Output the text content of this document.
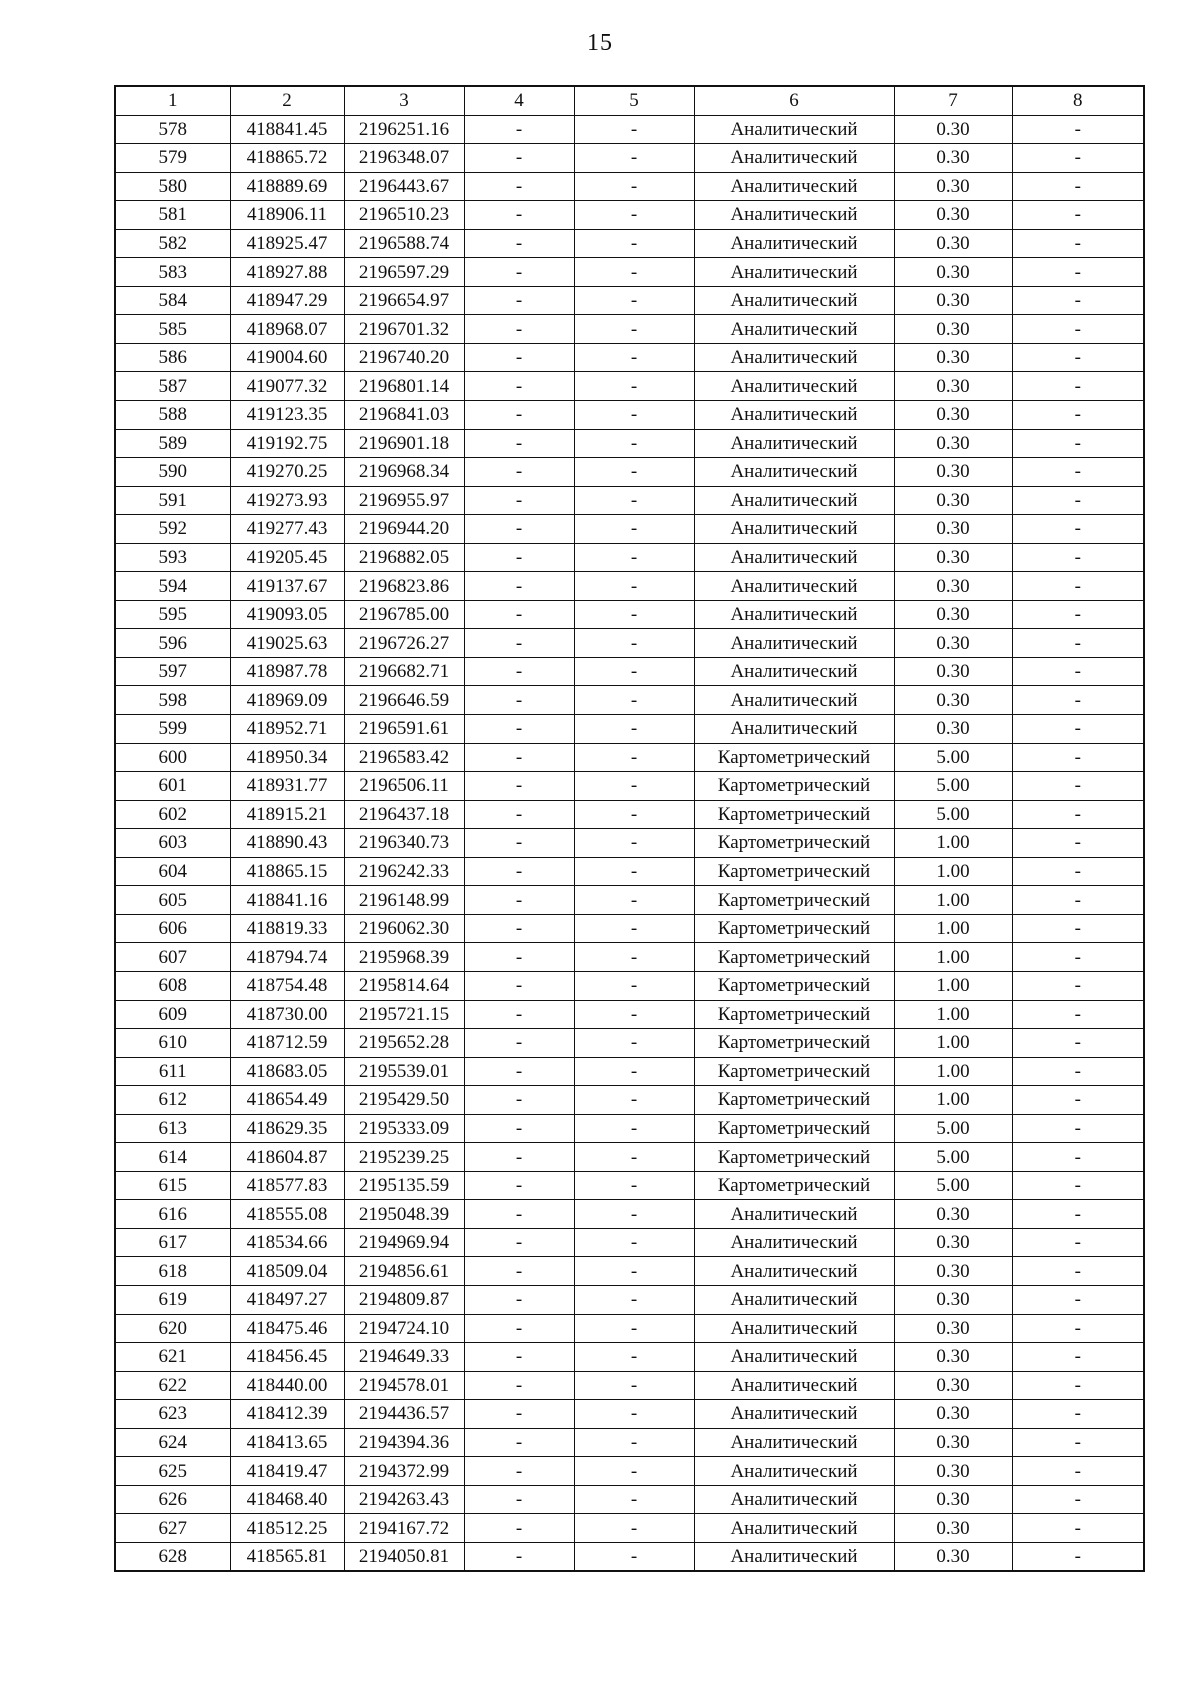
15
1	2	3	4	5	6	7	8
578	418841.45	2196251.16	-	-	Аналитический	0.30	-
579	418865.72	2196348.07	-	-	Аналитический	0.30	-
580	418889.69	2196443.67	-	-	Аналитический	0.30	-
581	418906.11	2196510.23	-	-	Аналитический	0.30	-
582	418925.47	2196588.74	-	-	Аналитический	0.30	-
583	418927.88	2196597.29	-	-	Аналитический	0.30	-
584	418947.29	2196654.97	-	-	Аналитический	0.30	-
585	418968.07	2196701.32	-	-	Аналитический	0.30	-
586	419004.60	2196740.20	-	-	Аналитический	0.30	-
587	419077.32	2196801.14	-	-	Аналитический	0.30	-
588	419123.35	2196841.03	-	-	Аналитический	0.30	-
589	419192.75	2196901.18	-	-	Аналитический	0.30	-
590	419270.25	2196968.34	-	-	Аналитический	0.30	-
591	419273.93	2196955.97	-	-	Аналитический	0.30	-
592	419277.43	2196944.20	-	-	Аналитический	0.30	-
593	419205.45	2196882.05	-	-	Аналитический	0.30	-
594	419137.67	2196823.86	-	-	Аналитический	0.30	-
595	419093.05	2196785.00	-	-	Аналитический	0.30	-
596	419025.63	2196726.27	-	-	Аналитический	0.30	-
597	418987.78	2196682.71	-	-	Аналитический	0.30	-
598	418969.09	2196646.59	-	-	Аналитический	0.30	-
599	418952.71	2196591.61	-	-	Аналитический	0.30	-
600	418950.34	2196583.42	-	-	Картометрический	5.00	-
601	418931.77	2196506.11	-	-	Картометрический	5.00	-
602	418915.21	2196437.18	-	-	Картометрический	5.00	-
603	418890.43	2196340.73	-	-	Картометрический	1.00	-
604	418865.15	2196242.33	-	-	Картометрический	1.00	-
605	418841.16	2196148.99	-	-	Картометрический	1.00	-
606	418819.33	2196062.30	-	-	Картометрический	1.00	-
607	418794.74	2195968.39	-	-	Картометрический	1.00	-
608	418754.48	2195814.64	-	-	Картометрический	1.00	-
609	418730.00	2195721.15	-	-	Картометрический	1.00	-
610	418712.59	2195652.28	-	-	Картометрический	1.00	-
611	418683.05	2195539.01	-	-	Картометрический	1.00	-
612	418654.49	2195429.50	-	-	Картометрический	1.00	-
613	418629.35	2195333.09	-	-	Картометрический	5.00	-
614	418604.87	2195239.25	-	-	Картометрический	5.00	-
615	418577.83	2195135.59	-	-	Картометрический	5.00	-
616	418555.08	2195048.39	-	-	Аналитический	0.30	-
617	418534.66	2194969.94	-	-	Аналитический	0.30	-
618	418509.04	2194856.61	-	-	Аналитический	0.30	-
619	418497.27	2194809.87	-	-	Аналитический	0.30	-
620	418475.46	2194724.10	-	-	Аналитический	0.30	-
621	418456.45	2194649.33	-	-	Аналитический	0.30	-
622	418440.00	2194578.01	-	-	Аналитический	0.30	-
623	418412.39	2194436.57	-	-	Аналитический	0.30	-
624	418413.65	2194394.36	-	-	Аналитический	0.30	-
625	418419.47	2194372.99	-	-	Аналитический	0.30	-
626	418468.40	2194263.43	-	-	Аналитический	0.30	-
627	418512.25	2194167.72	-	-	Аналитический	0.30	-
628	418565.81	2194050.81	-	-	Аналитический	0.30	-
